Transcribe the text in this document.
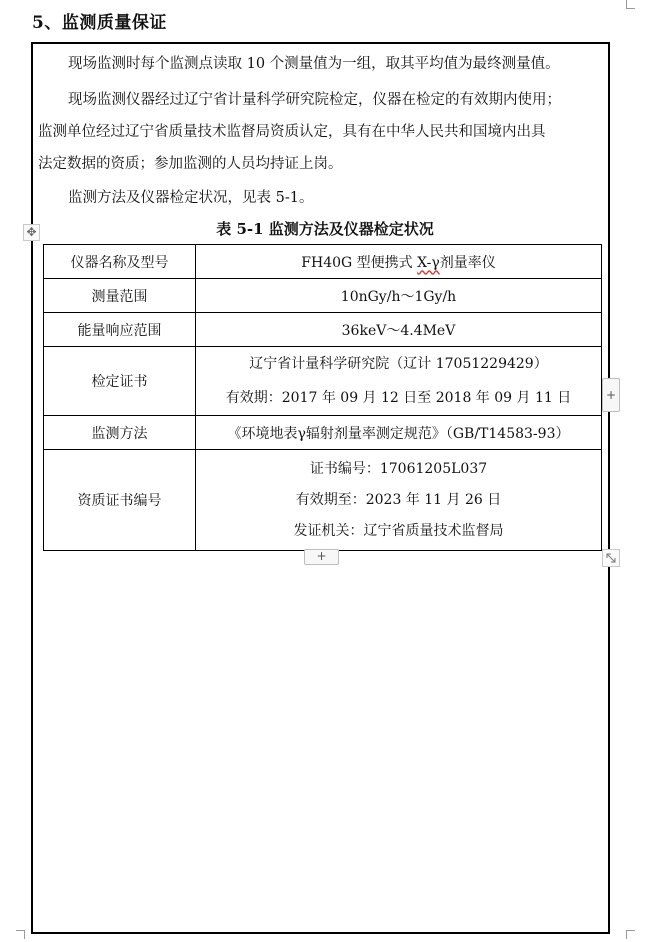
5、监测质量保证
现场监测时每个监测点读取 10 个测量值为一组，取其平均值为最终测量值。
现场监测仪器经过辽宁省计量科学研究院检定，仪器在检定的有效期内使用；
监测单位经过辽宁省质量技术监督局资质认定，具有在中华人民共和国境内出具
法定数据的资质；参加监测的人员均持证上岗。
监测方法及仪器检定状况，见表 5-1。
✥	表 5-1 监测方法及仪器检定状况
仪器名称及型号	FH40G 型便携式 X-γ剂量率仪
测量范围	10nGy/h～1Gy/h
能量响应范围	36keV～4.4MeV
检定证书	辽宁省计量科学研究院（辽计 17051229429）
有效期：2017 年 09 月 12 日至 2018 年 09 月 11 日

监测方法	《环境地表γ辐射剂量率测定规范》（GB/T14583-93）
资质证书编号	证书编号：17061205L037
有效期至：2023 年 11 月 26 日
发证机关：辽宁省质量技术监督局
+
+
